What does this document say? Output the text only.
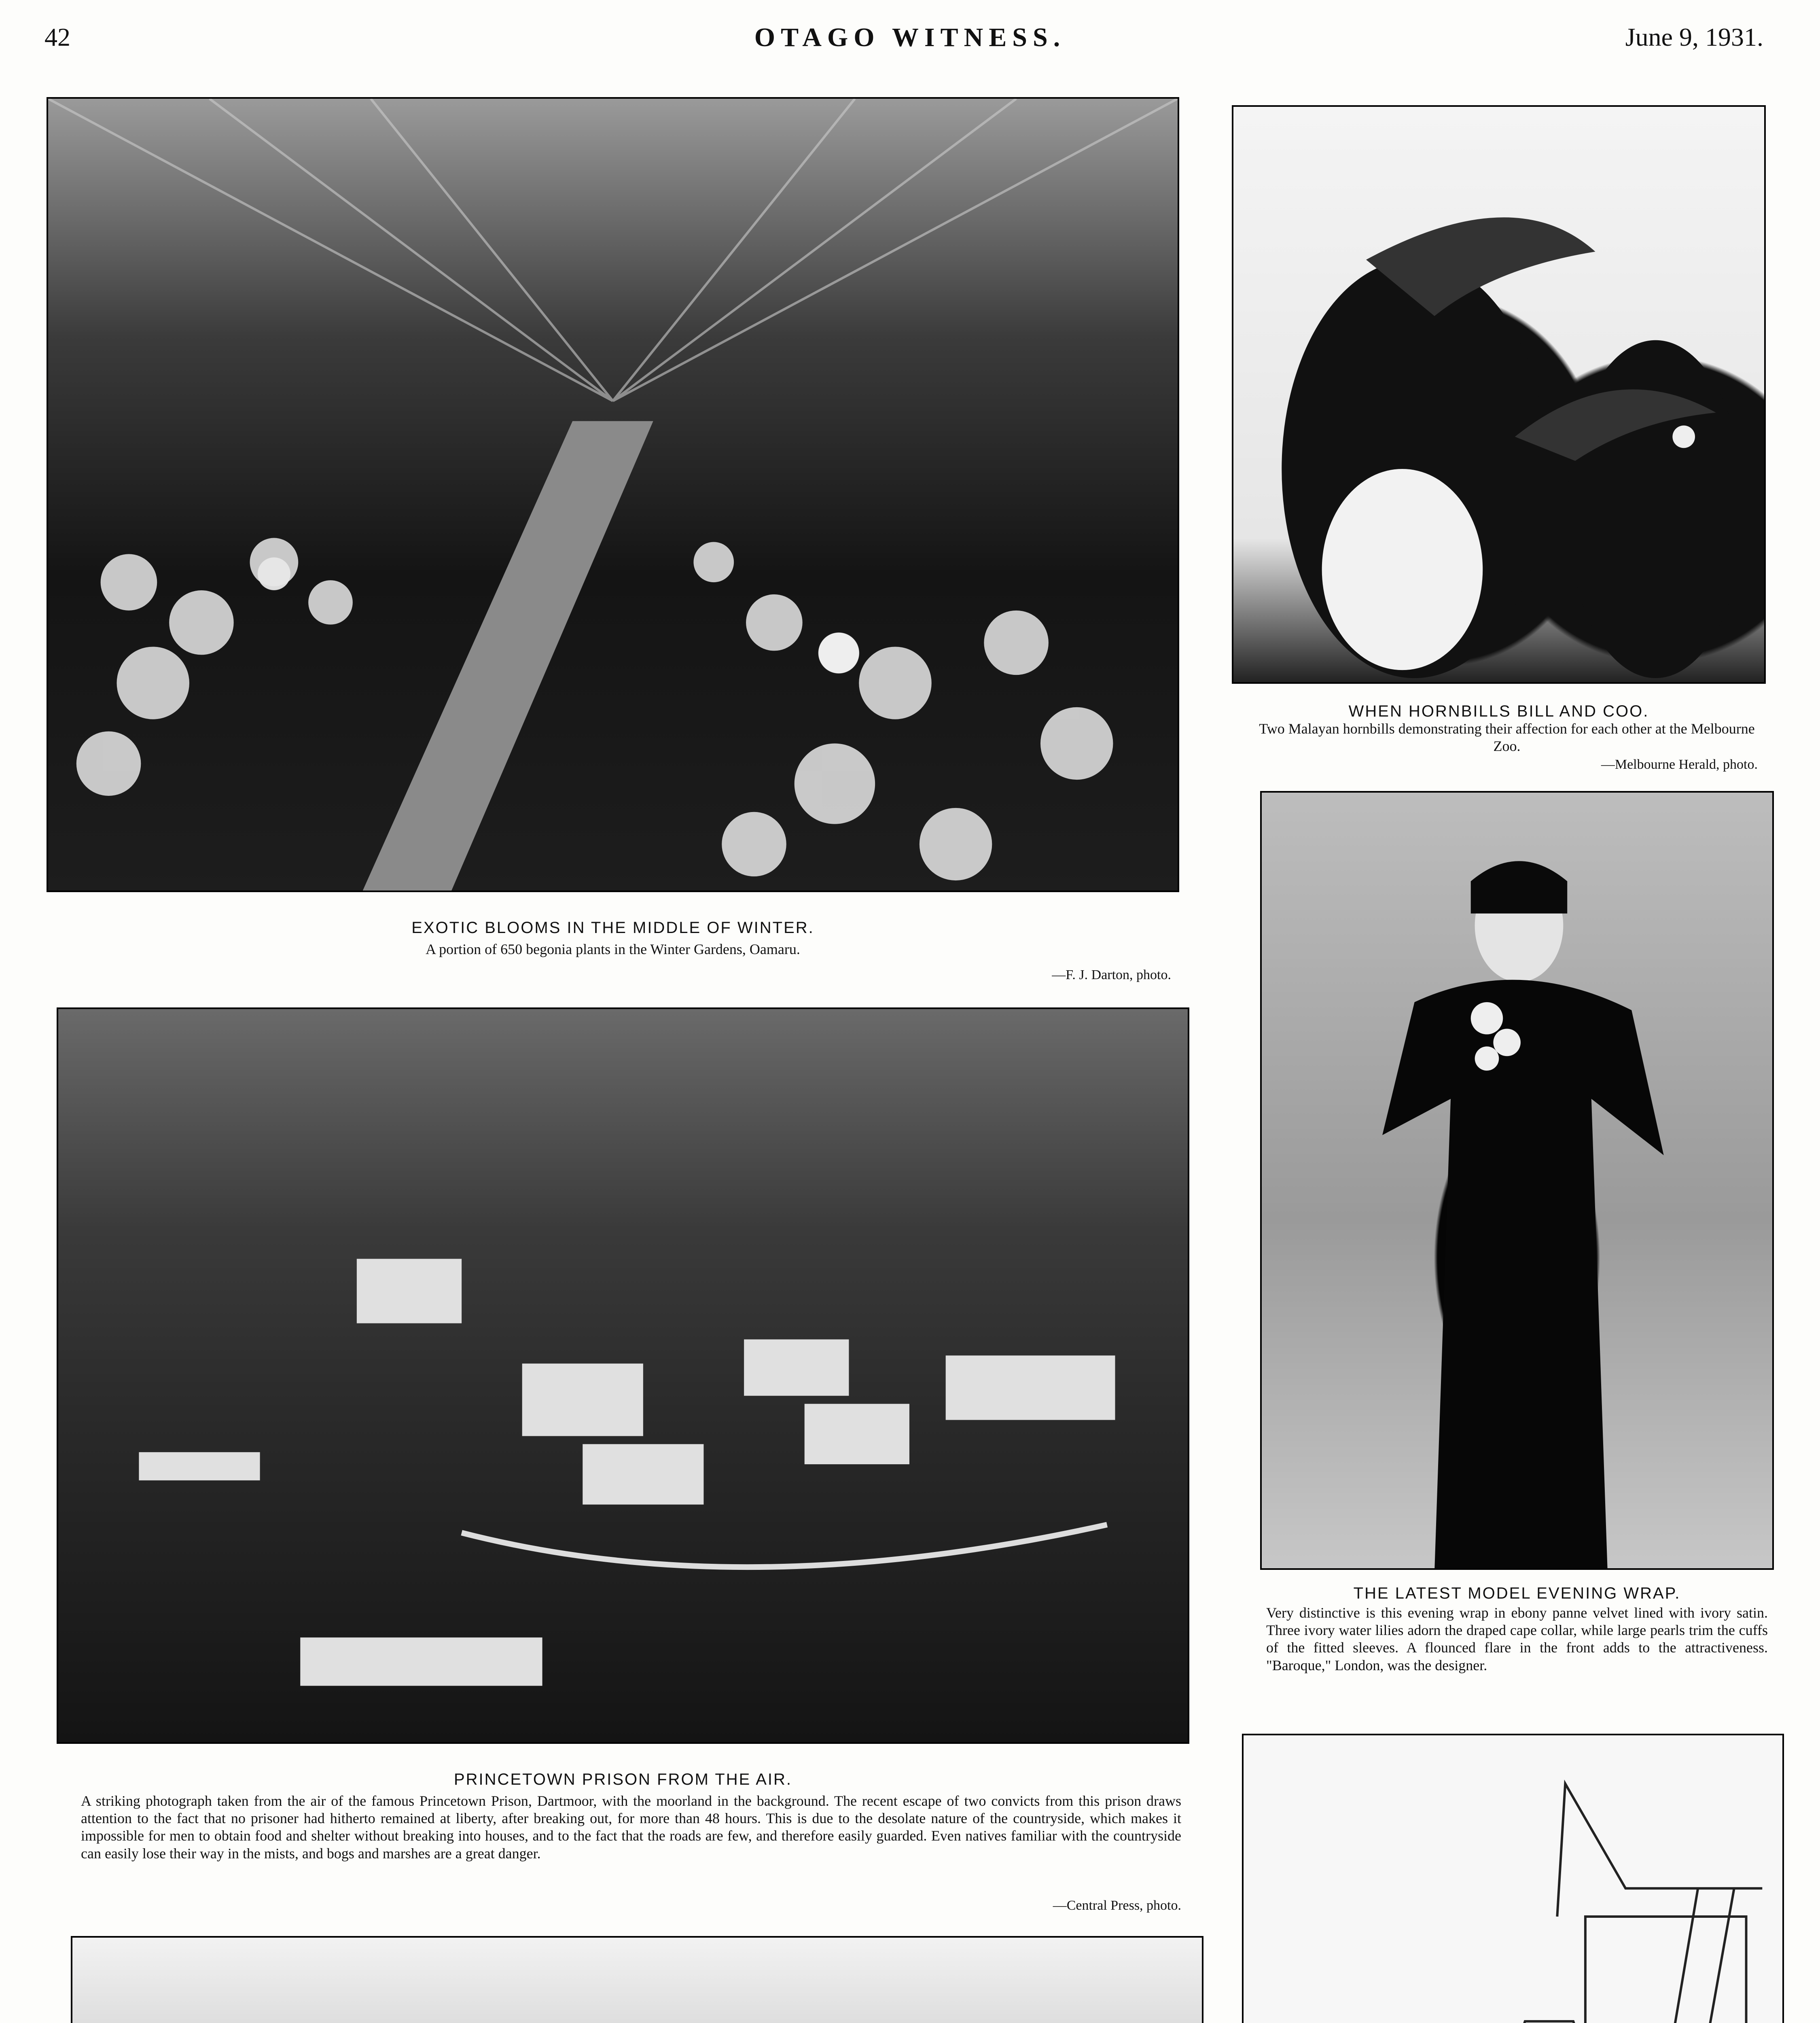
42	OTAGO WITNESS.	June 9, 1931.
EXOTIC BLOOMS IN THE MIDDLE OF WINTER.
A portion of 650 begonia plants in the Winter Gardens, Oamaru.
—F. J. Darton, photo.
PRINCETOWN PRISON FROM THE AIR.
A striking photograph taken from the air of the famous Princetown Prison, Dartmoor, with the moorland in the background. The recent escape of two convicts from this prison draws attention to the fact that no prisoner had hitherto remained at liberty, after breaking out, for more than 48 hours. This is due to the desolate nature of the countryside, which makes it impossible for men to obtain food and shelter without breaking into houses, and to the fact that the roads are few, and therefore easily guarded. Even natives familiar with the countryside can easily lose their way in the mists, and bogs and marshes are a great danger.
—Central Press, photo.
WHEN HORNBILLS BILL AND COO.
Two Malayan hornbills demonstrating their affection for each other at the Melbourne Zoo.
—Melbourne Herald, photo.
THE LATEST MODEL EVENING WRAP.
Very distinctive is this evening wrap in ebony panne velvet lined with ivory satin. Three ivory water lilies adorn the draped cape collar, while large pearls trim the cuffs of the fitted sleeves. A flounced flare in the front adds to the attractiveness. "Baroque," London, was the designer.
